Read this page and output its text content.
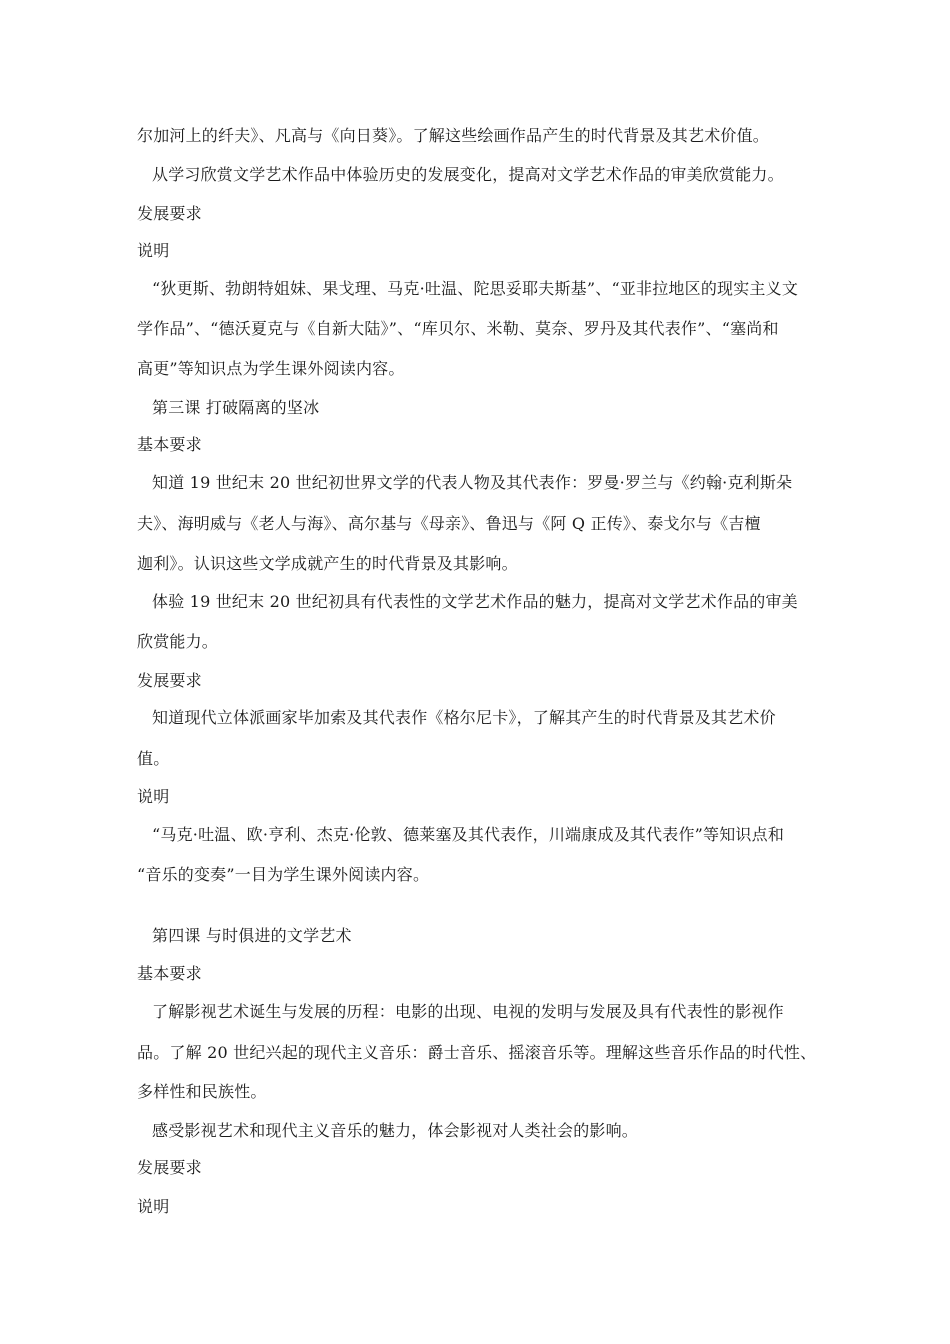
尔加河上的纤夫》、凡高与《向日葵》。了解这些绘画作品产生的时代背景及其艺术价值。
从学习欣赏文学艺术作品中体验历史的发展变化，提高对文学艺术作品的审美欣赏能力。
发展要求
说明
“狄更斯、勃朗特姐妹、果戈理、马克·吐温、陀思妥耶夫斯基”、“亚非拉地区的现实主义文
学作品”、“德沃夏克与《自新大陆》”、“库贝尔、米勒、莫奈、罗丹及其代表作”、“塞尚和
高更”等知识点为学生课外阅读内容。
第三课 打破隔离的坚冰
基本要求
知道 19 世纪末 20 世纪初世界文学的代表人物及其代表作：罗曼·罗兰与《约翰·克利斯朵
夫》、海明威与《老人与海》、高尔基与《母亲》、鲁迅与《阿 Q 正传》、泰戈尔与《吉檀
迦利》。认识这些文学成就产生的时代背景及其影响。
体验 19 世纪末 20 世纪初具有代表性的文学艺术作品的魅力，提高对文学艺术作品的审美
欣赏能力。
发展要求
知道现代立体派画家毕加索及其代表作《格尔尼卡》，了解其产生的时代背景及其艺术价
值。
说明
“马克·吐温、欧·亨利、杰克·伦敦、德莱塞及其代表作，川端康成及其代表作”等知识点和
“音乐的变奏”一目为学生课外阅读内容。
第四课 与时俱进的文学艺术
基本要求
了解影视艺术诞生与发展的历程：电影的出现、电视的发明与发展及具有代表性的影视作
品。了解 20 世纪兴起的现代主义音乐：爵士音乐、摇滚音乐等。理解这些音乐作品的时代性、
多样性和民族性。
感受影视艺术和现代主义音乐的魅力，体会影视对人类社会的影响。
发展要求
说明
